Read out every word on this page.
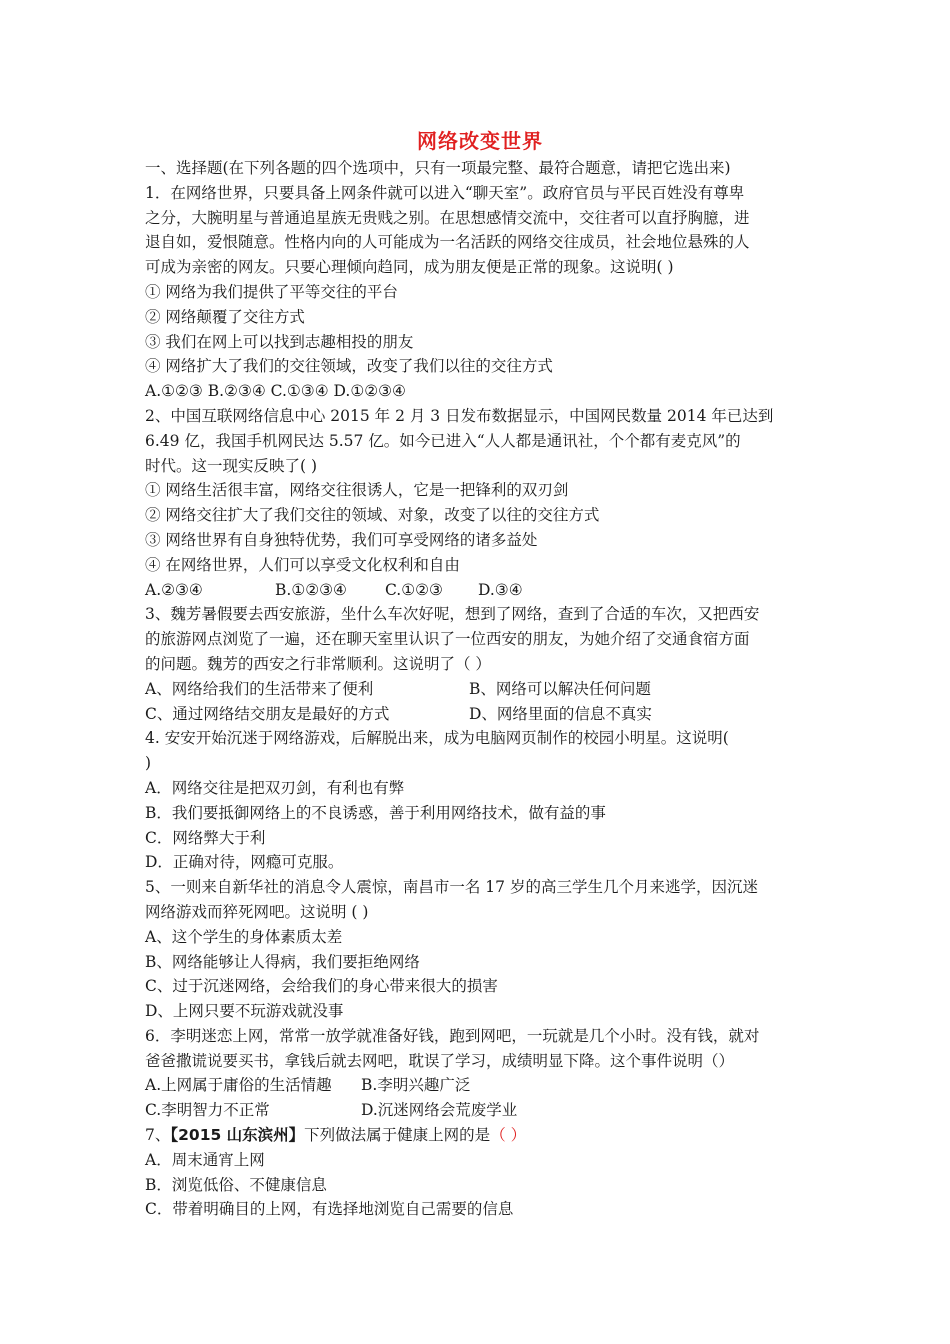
网络改变世界
一、选择题(在下列各题的四个选项中，只有一项最完整、最符合题意，请把它选出来)
1．在网络世界，只要具备上网条件就可以进入“聊天室”。政府官员与平民百姓没有尊卑
之分，大腕明星与普通追星族无贵贱之别。在思想感情交流中，交往者可以直抒胸臆，进
退自如，爱恨随意。性格内向的人可能成为一名活跃的网络交往成员，社会地位悬殊的人
可成为亲密的网友。只要心理倾向趋同，成为朋友便是正常的现象。这说明( )
① 网络为我们提供了平等交往的平台
② 网络颠覆了交往方式
③ 我们在网上可以找到志趣相投的朋友
④ 网络扩大了我们的交往领域，改变了我们以往的交往方式
A.①②③ B.②③④ C.①③④ D.①②③④
2、中国互联网络信息中心 2015 年 2 月 3 日发布数据显示，中国网民数量 2014 年已达到
6.49 亿，我国手机网民达 5.57 亿。如今已进入“人人都是通讯社，个个都有麦克风”的
时代。这一现实反映了( )
① 网络生活很丰富，网络交往很诱人，它是一把锋利的双刃剑
② 网络交往扩大了我们交往的领域、对象，改变了以往的交往方式
③ 网络世界有自身独特优势，我们可享受网络的诸多益处
④ 在网络世界，人们可以享受文化权利和自由
A.②③④	B.①②③④ C.①②③ D.③④
3、魏芳暑假要去西安旅游，坐什么车次好呢，想到了网络，查到了合适的车次，又把西安
的旅游网点浏览了一遍，还在聊天室里认识了一位西安的朋友，为她介绍了交通食宿方面
的问题。魏芳的西安之行非常顺利。这说明了（ ）
A、网络给我们的生活带来了便利	B、网络可以解决任何问题
C、通过网络结交朋友是最好的方式	D、网络里面的信息不真实
4. 安安开始沉迷于网络游戏，后解脱出来，成为电脑网页制作的校园小明星。这说明(
)
A．网络交往是把双刃剑，有利也有弊
B．我们要抵御网络上的不良诱惑，善于利用网络技术，做有益的事
C．网络弊大于利
D．正确对待，网瘾可克服。
5、一则来自新华社的消息令人震惊，南昌市一名 17 岁的高三学生几个月来逃学，因沉迷
网络游戏而猝死网吧。这说明 ( )
A、这个学生的身体素质太差
B、网络能够让人得病，我们要拒绝网络
C、过于沉迷网络，会给我们的身心带来很大的损害
D、上网只要不玩游戏就没事
6．李明迷恋上网，常常一放学就准备好钱，跑到网吧，一玩就是几个小时。没有钱，就对
爸爸撒谎说要买书，拿钱后就去网吧，耽误了学习，成绩明显下降。这个事件说明（）
A.上网属于庸俗的生活情趣 B.李明兴趣广泛
C.李明智力不正常	D.沉迷网络会荒废学业
7、【2015 山东滨州】下列做法属于健康上网的是（ ）
A．周末通宵上网
B．浏览低俗、不健康信息
C．带着明确目的上网，有选择地浏览自己需要的信息
